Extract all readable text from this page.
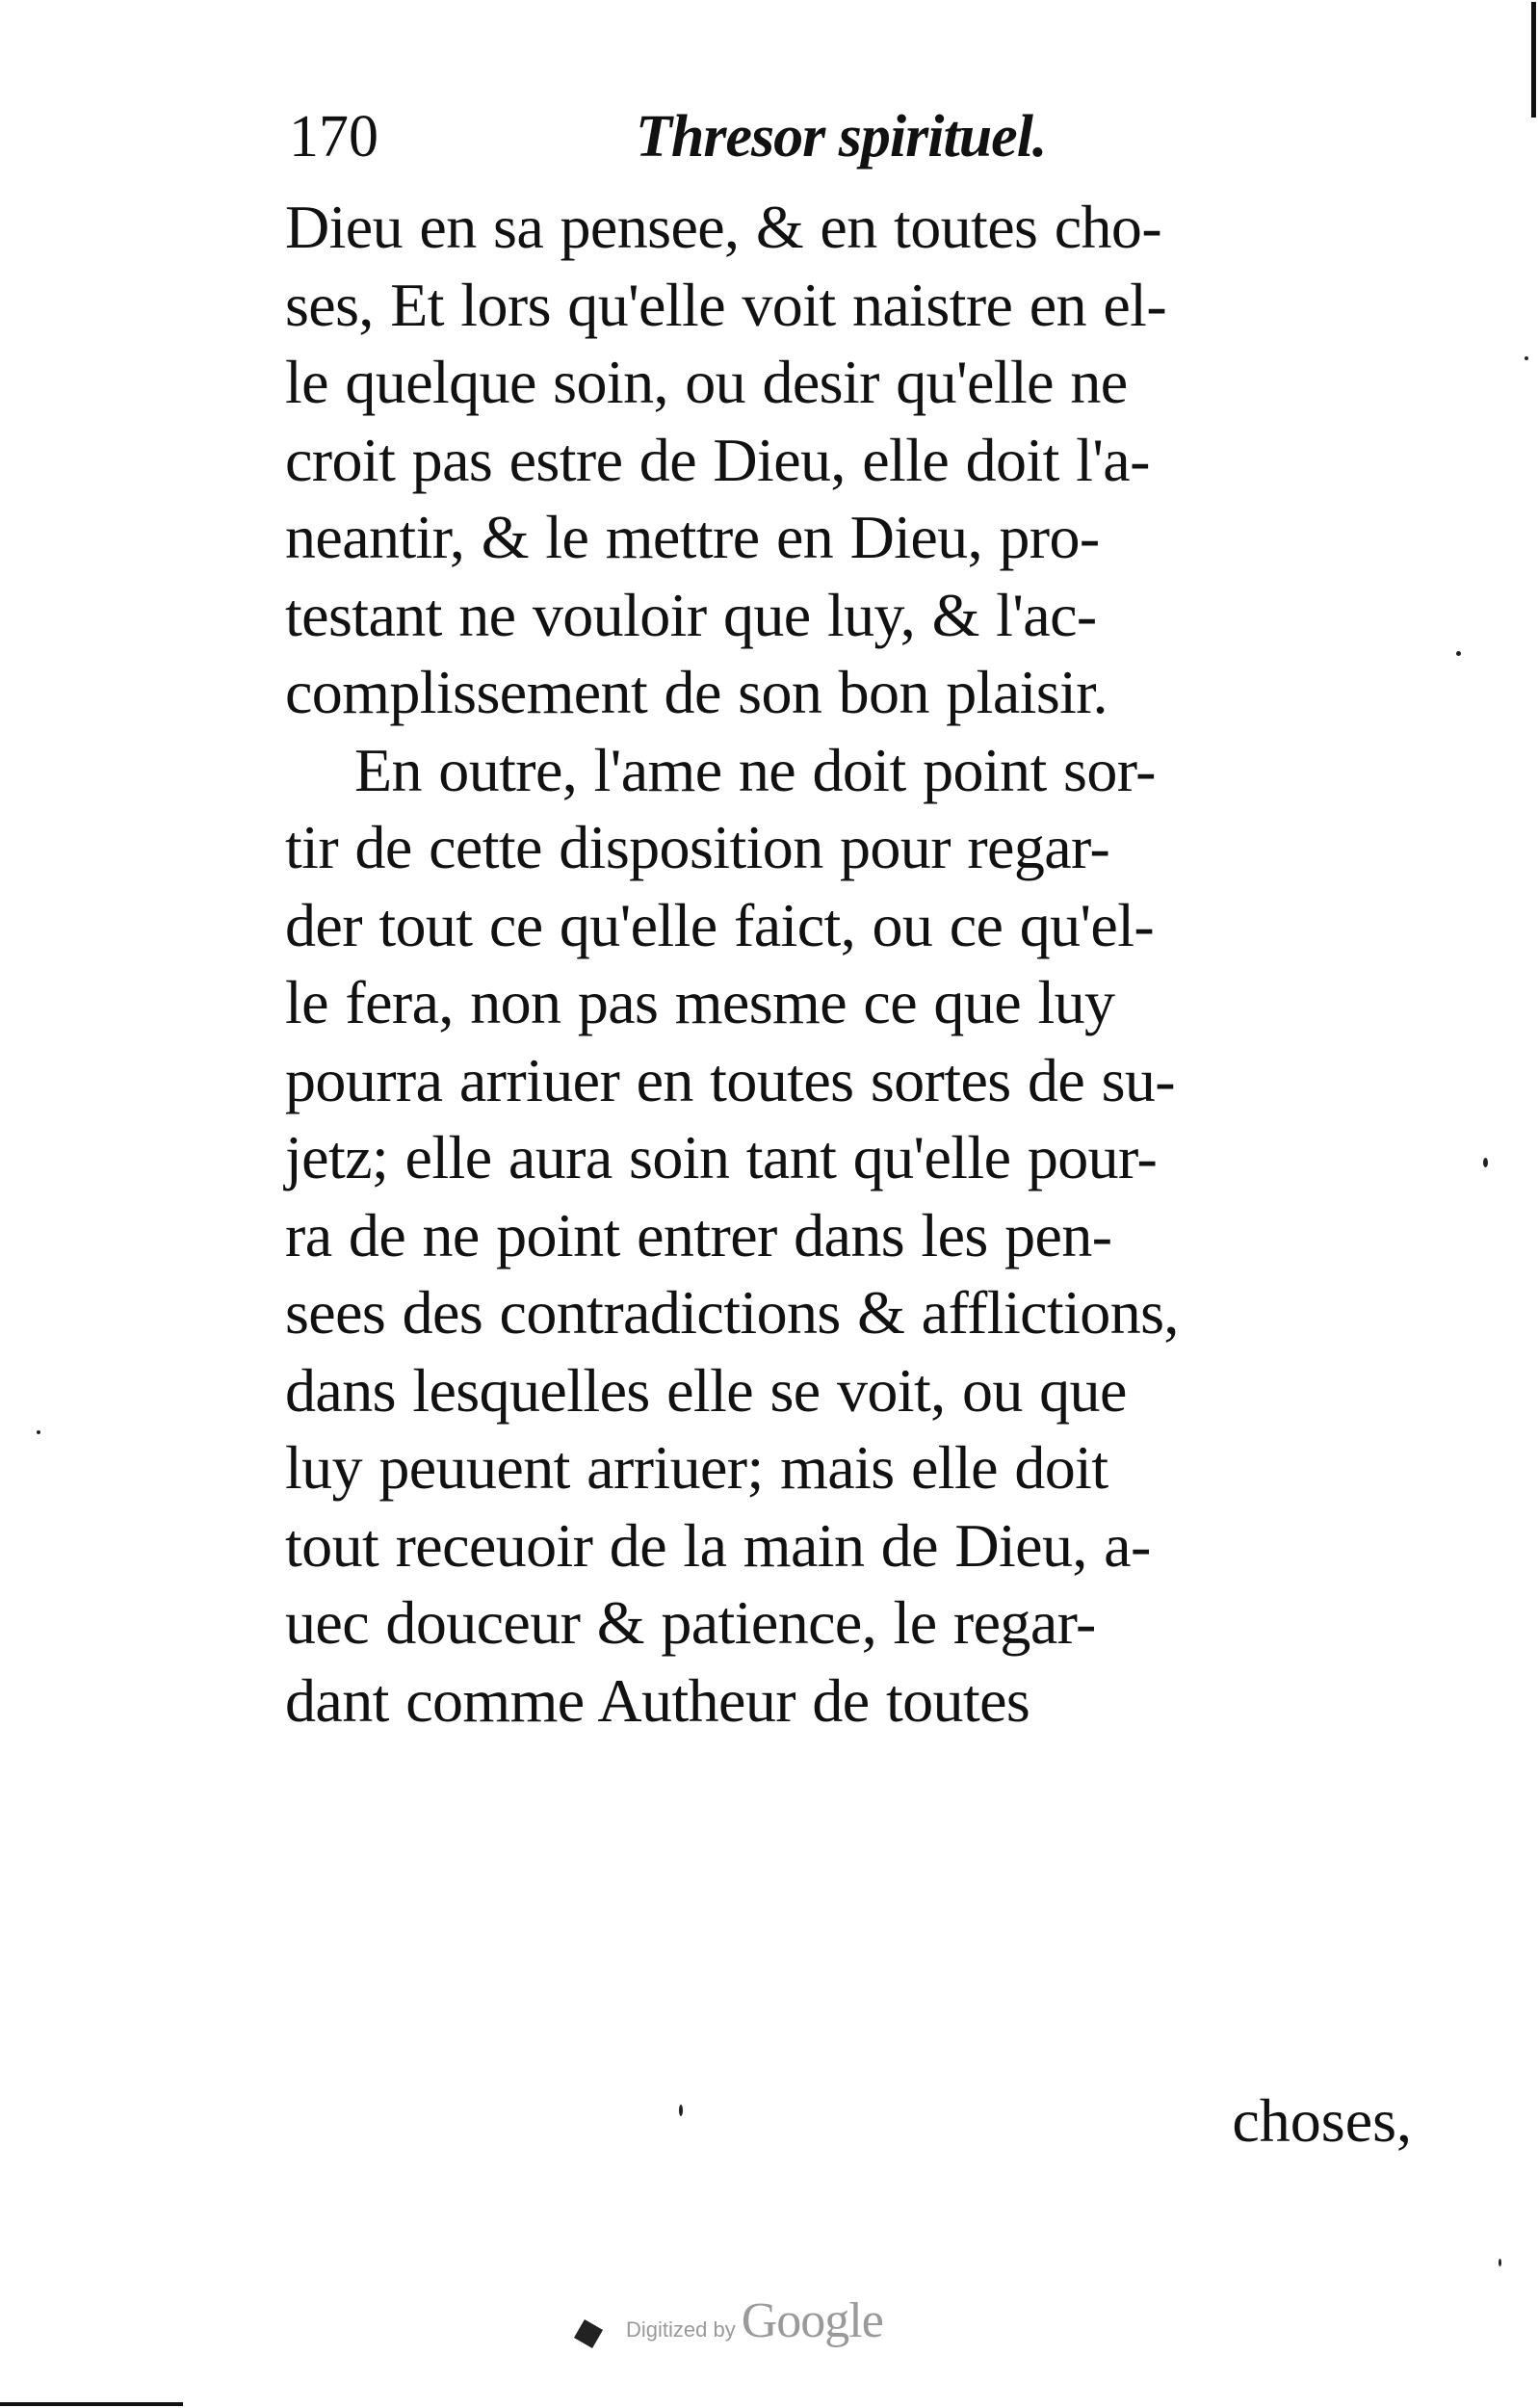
170	Thresor spirituel.
Dieu en sa pensee, & en toutes cho-
ses, Et lors qu'elle voit naistre en el-
le quelque soin, ou desir qu'elle ne
croit pas estre de Dieu, elle doit l'a-
neantir, & le mettre en Dieu, pro-
testant ne vouloir que luy, & l'ac-
complissement de son bon plaisir.
En outre, l'ame ne doit point sor-
tir de cette disposition pour regar-
der tout ce qu'elle faict, ou ce qu'el-
le fera, non pas mesme ce que luy
pourra arriuer en toutes sortes de su-
jetz; elle aura soin tant qu'elle pour-
ra de ne point entrer dans les pen-
sees des contradictions & afflictions,
dans lesquelles elle se voit, ou que
luy peuuent arriuer; mais elle doit
tout receuoir de la main de Dieu, a-
uec douceur & patience, le regar-
dant comme Autheur de toutes
choses,
Digitized by Google
